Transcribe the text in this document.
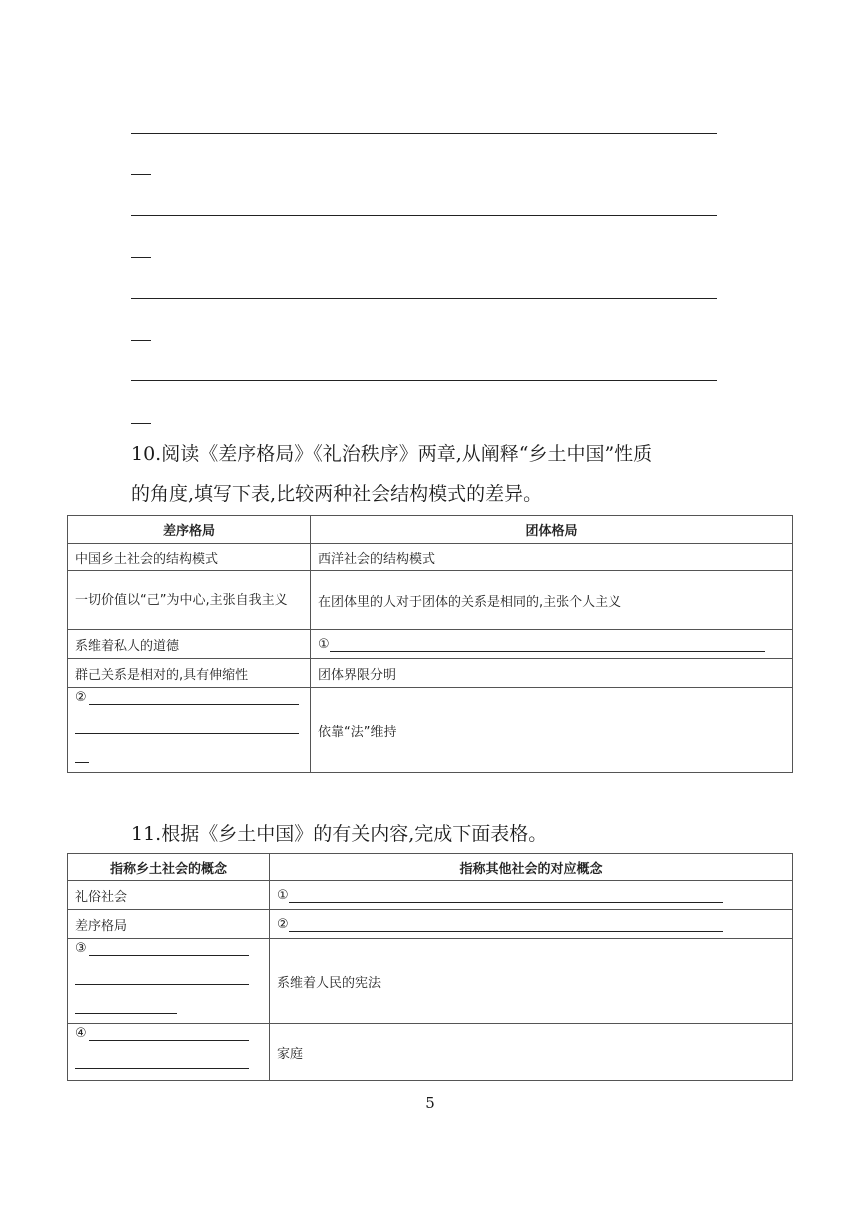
10.阅读《差序格局》《礼治秩序》两章,从阐释“乡土中国”性质
的角度,填写下表,比较两种社会结构模式的差异。
差序格局	团体格局
中国乡土社会的结构模式	西洋社会的结构模式
一切价值以“己”为中心,主张自我主义	在团体里的人对于团体的关系是相同的,主张个人主义
系维着私人的道德	①
群己关系是相对的,具有伸缩性	团体界限分明

②	依靠“法”维持
11.根据《乡土中国》的有关内容,完成下面表格。
指称乡土社会的概念	指称其他社会的对应概念
礼俗社会	①
差序格局	②

③	系维着人民的宪法

④	家庭
5
